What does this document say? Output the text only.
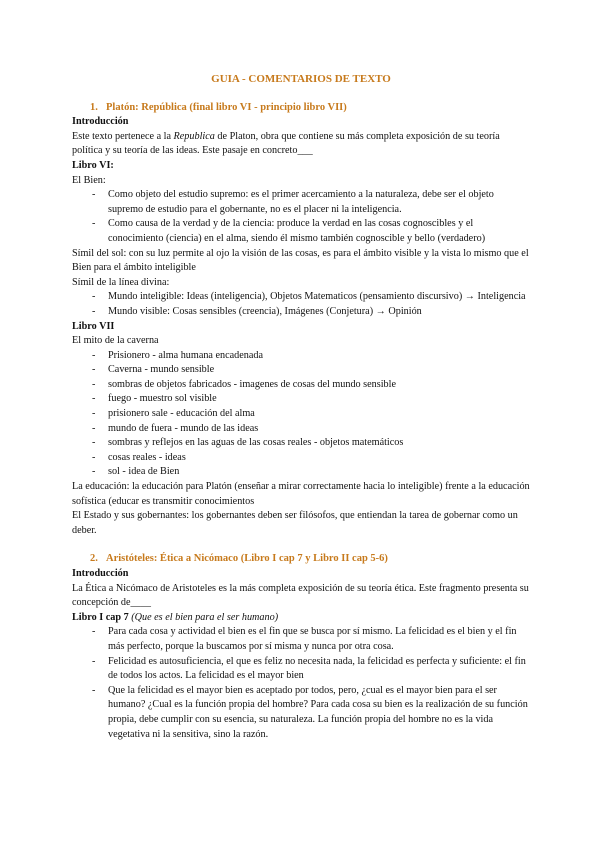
GUIA - COMENTARIOS DE TEXTO

1. Platón: República (final libro VI - principio libro VII)

Introducción

Este texto pertenece a la Republica de Platon, obra que contiene su más completa exposición de su teoría política y su teoría de las ideas. Este pasaje en concreto___

Libro VI:

El Bien:

-	Como objeto del estudio supremo: es el primer acercamiento a la naturaleza, debe ser el objeto supremo de estudio para el gobernante, no es el placer ni la inteligencia.
-	Como causa de la verdad y de la ciencia: produce la verdad en las cosas cognoscibles y el conocimiento (ciencia) en el alma, siendo él mismo también cognoscible y bello (verdadero)

Símil del sol: con su luz permite al ojo la visión de las cosas, es para el ámbito visible y la vista lo mismo que el Bien para el ámbito inteligible

Símil de la línea divina:

-	Mundo inteligible: Ideas (inteligencia), Objetos Matematicos (pensamiento discursivo) → Inteligencia
-	Mundo visible: Cosas sensibles (creencia), Imágenes (Conjetura) → Opinión

Libro VII

El mito de la caverna

-	Prisionero - alma humana encadenada
-	Caverna - mundo sensible
-	sombras de objetos fabricados - imagenes de cosas del mundo sensible
-	fuego - muestro sol visible
-	prisionero sale - educación del alma
-	mundo de fuera - mundo de las ideas
-	sombras y reflejos en las aguas de las cosas reales - objetos matemáticos
-	cosas reales - ideas
-	sol - idea de Bien

La educación: la educación para Platón (enseñar a mirar correctamente hacia lo inteligible) frente a la educación sofística (educar es transmitir conocimientos

El Estado y sus gobernantes: los gobernantes deben ser filósofos, que entiendan la tarea de gobernar como un deber.

2. Aristóteles: Ética a Nicómaco (Libro I cap 7 y Libro II cap 5-6)

Introducción

La Ética a Nicómaco de Aristoteles es la más completa exposición de su teoría ética. Este fragmento presenta su concepción de____

Libro I cap 7 (Que es el bien para el ser humano)

-	Para cada cosa y actividad el bien es el fin que se busca por sí mismo. La felicidad es el bien y el fin más perfecto, porque la buscamos por sí misma y nunca por otra cosa.
-	Felicidad es autosuficiencia, el que es feliz no necesita nada, la felicidad es perfecta y suficiente: el fin de todos los actos. La felicidad es el mayor bien
-	Que la felicidad es el mayor bien es aceptado por todos, pero, ¿cual es el mayor bien para el ser humano? ¿Cual es la función propia del hombre? Para cada cosa su bien es la realización de su función propia, debe cumplir con su esencia, su naturaleza. La función propia del hombre no es la vida vegetativa ni la sensitiva, sino la razón.
